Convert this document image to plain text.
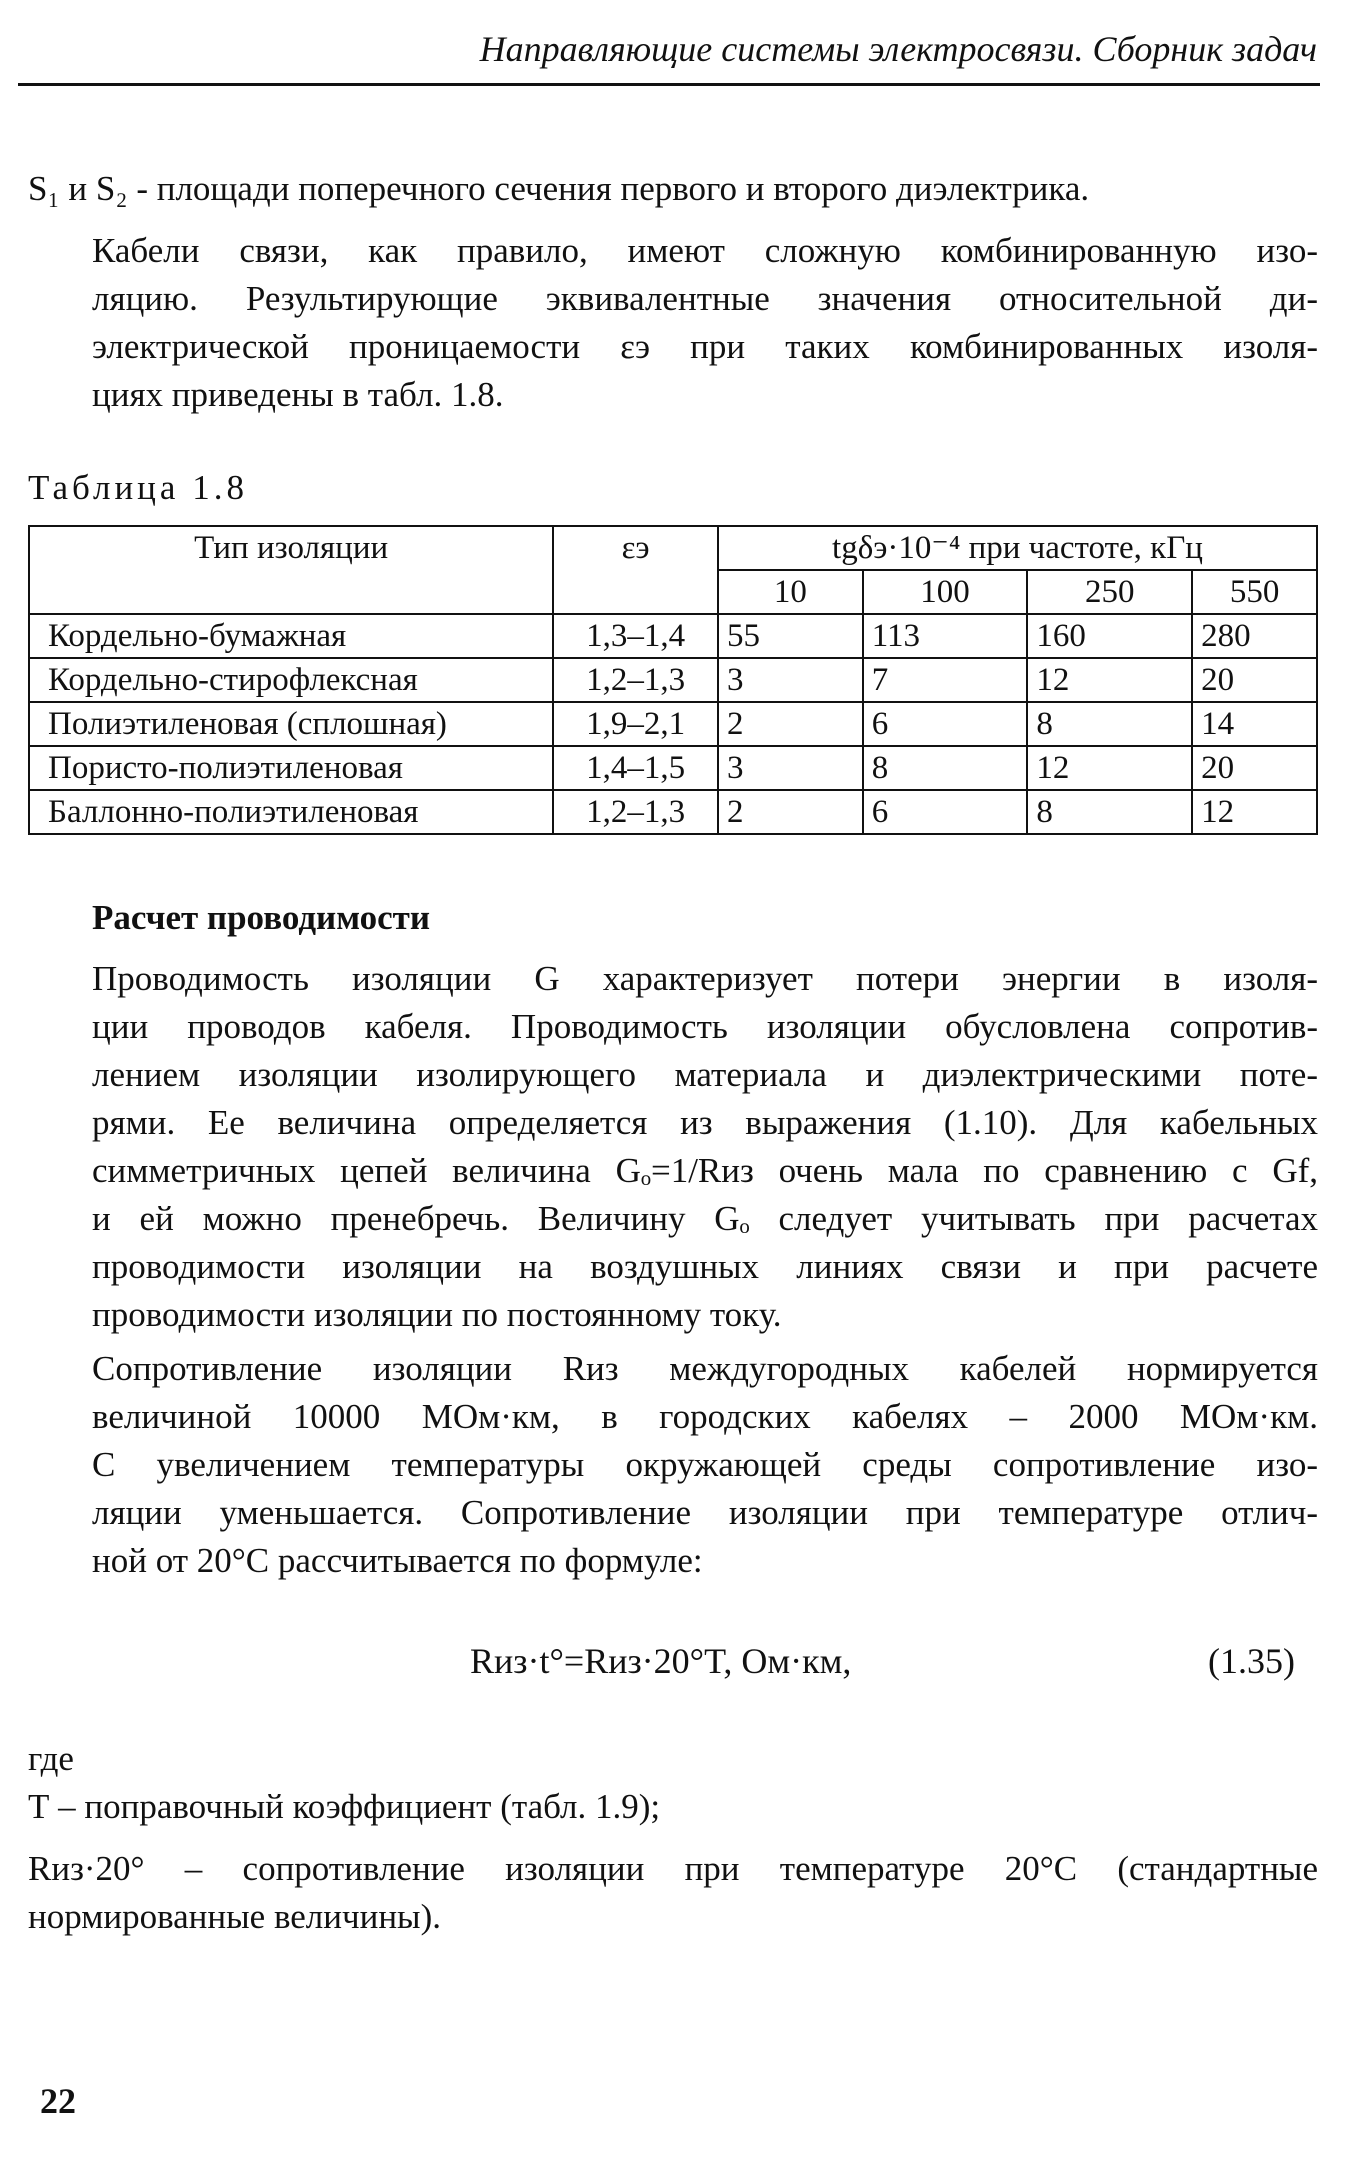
Направляющие системы электросвязи. Сборник задач
S₁ и S₂ - площади поперечного сечения первого и второго диэлектрика.
Кабели связи, как правило, имеют сложную комбинированную изо-
ляцию. Результирующие эквивалентные значения относительной ди-
электрической проницаемости εэ при таких комбинированных изоля-
циях приведены в табл. 1.8.
Таблица 1.8
Тип изоляции	εэ	tgδэ·10⁻⁴ при частоте, кГц			
		10	100	250	550
Кордельно-бумажная	1,3–1,4	55	113	160	280
Кордельно-стирофлексная	1,2–1,3	3	7	12	20
Полиэтиленовая (сплошная)	1,9–2,1	2	6	8	14
Пористо-полиэтиленовая	1,4–1,5	3	8	12	20
Баллонно-полиэтиленовая	1,2–1,3	2	6	8	12
Расчет проводимости
Проводимость изоляции G характеризует потери энергии в изоля-
ции проводов кабеля. Проводимость изоляции обусловлена сопротив-
лением изоляции изолирующего материала и диэлектрическими поте-
рями. Ее величина определяется из выражения (1.10). Для кабельных
симметричных цепей величина Gₒ=1/Rиз очень мала по сравнению с Gf,
и ей можно пренебречь. Величину Gₒ следует учитывать при расчетах
проводимости изоляции на воздушных линиях связи и при расчете
проводимости изоляции по постоянному току.
Сопротивление изоляции Rиз междугородных кабелей нормируется
величиной 10000 МОм·км, в городских кабелях – 2000 МОм·км.
С увеличением температуры окружающей среды сопротивление изо-
ляции уменьшается. Сопротивление изоляции при температуре отлич-
ной от 20°С рассчитывается по формуле:
Rиз·t°=Rиз·20°T, Ом·км,	(1.35)
где
Т – поправочный коэффициент (табл. 1.9);
Rиз·20° – сопротивление изоляции при температуре 20°С (стандартные
нормированные величины).
22
